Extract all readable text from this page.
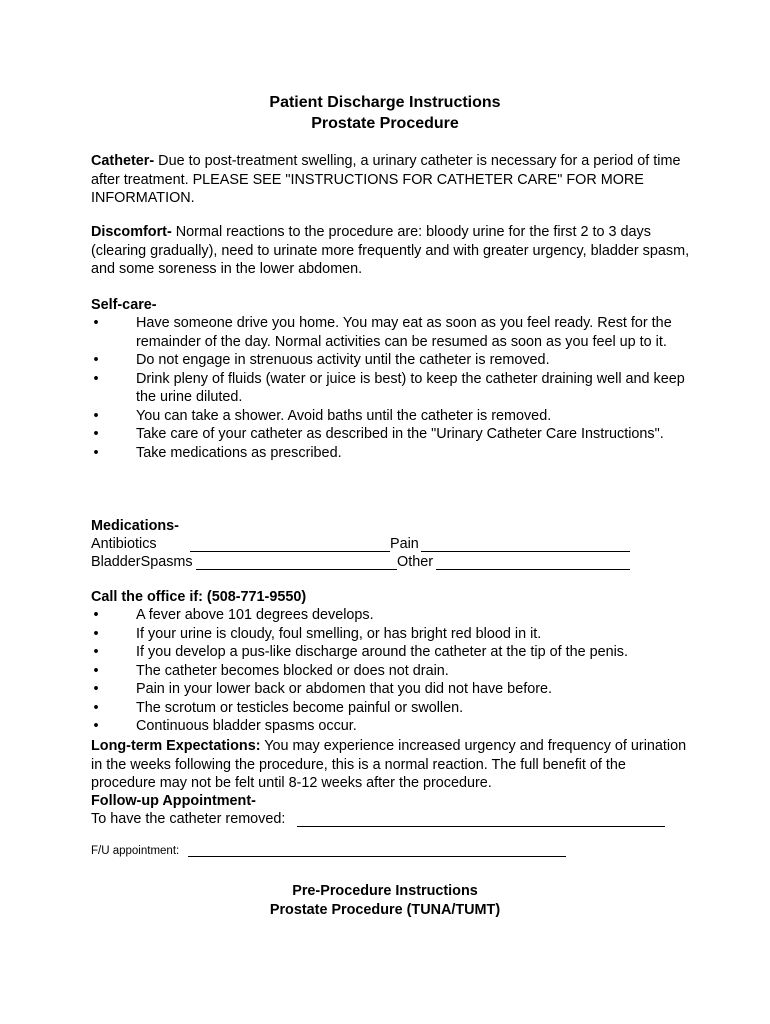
Patient Discharge Instructions
Prostate Procedure
Catheter- Due to post-treatment swelling, a urinary catheter is necessary for a period of time after treatment. PLEASE SEE "INSTRUCTIONS FOR CATHETER CARE" FOR MORE INFORMATION.
Discomfort- Normal reactions to the procedure are: bloody urine for the first 2 to 3 days (clearing gradually), need to urinate more frequently and with greater urgency, bladder spasm, and some soreness in the lower abdomen.
Self-care-
•	Have someone drive you home. You may eat as soon as you feel ready. Rest for the remainder of the day. Normal activities can be resumed as soon as you feel up to it.
•	Do not engage in strenuous activity until the catheter is removed.
•	Drink pleny of fluids (water or juice is best) to keep the catheter draining well and keep the urine diluted.
•	You can take a shower. Avoid baths until the catheter is removed.
•	Take care of your catheter as described in the "Urinary Catheter Care Instructions".
•	Take medications as prescribed.
Medications-
Antibiotics	Pain
BladderSpasms	Other
Call the office if: (508-771-9550)
•	A fever above 101 degrees develops.
•	If your urine is cloudy, foul smelling, or has bright red blood in it.
•	If you develop a pus-like discharge around the catheter at the tip of the penis.
•	The catheter becomes blocked or does not drain.
•	Pain in your lower back or abdomen that you did not have before.
•	The scrotum or testicles become painful or swollen.
•	Continuous bladder spasms occur.
Long-term Expectations: You may experience increased urgency and frequency of urination in the weeks following the procedure, this is a normal reaction. The full benefit of the procedure may not be felt until 8-12 weeks after the procedure.
Follow-up Appointment-
To have the catheter removed:
F/U appointment:
Pre-Procedure Instructions
Prostate Procedure (TUNA/TUMT)
